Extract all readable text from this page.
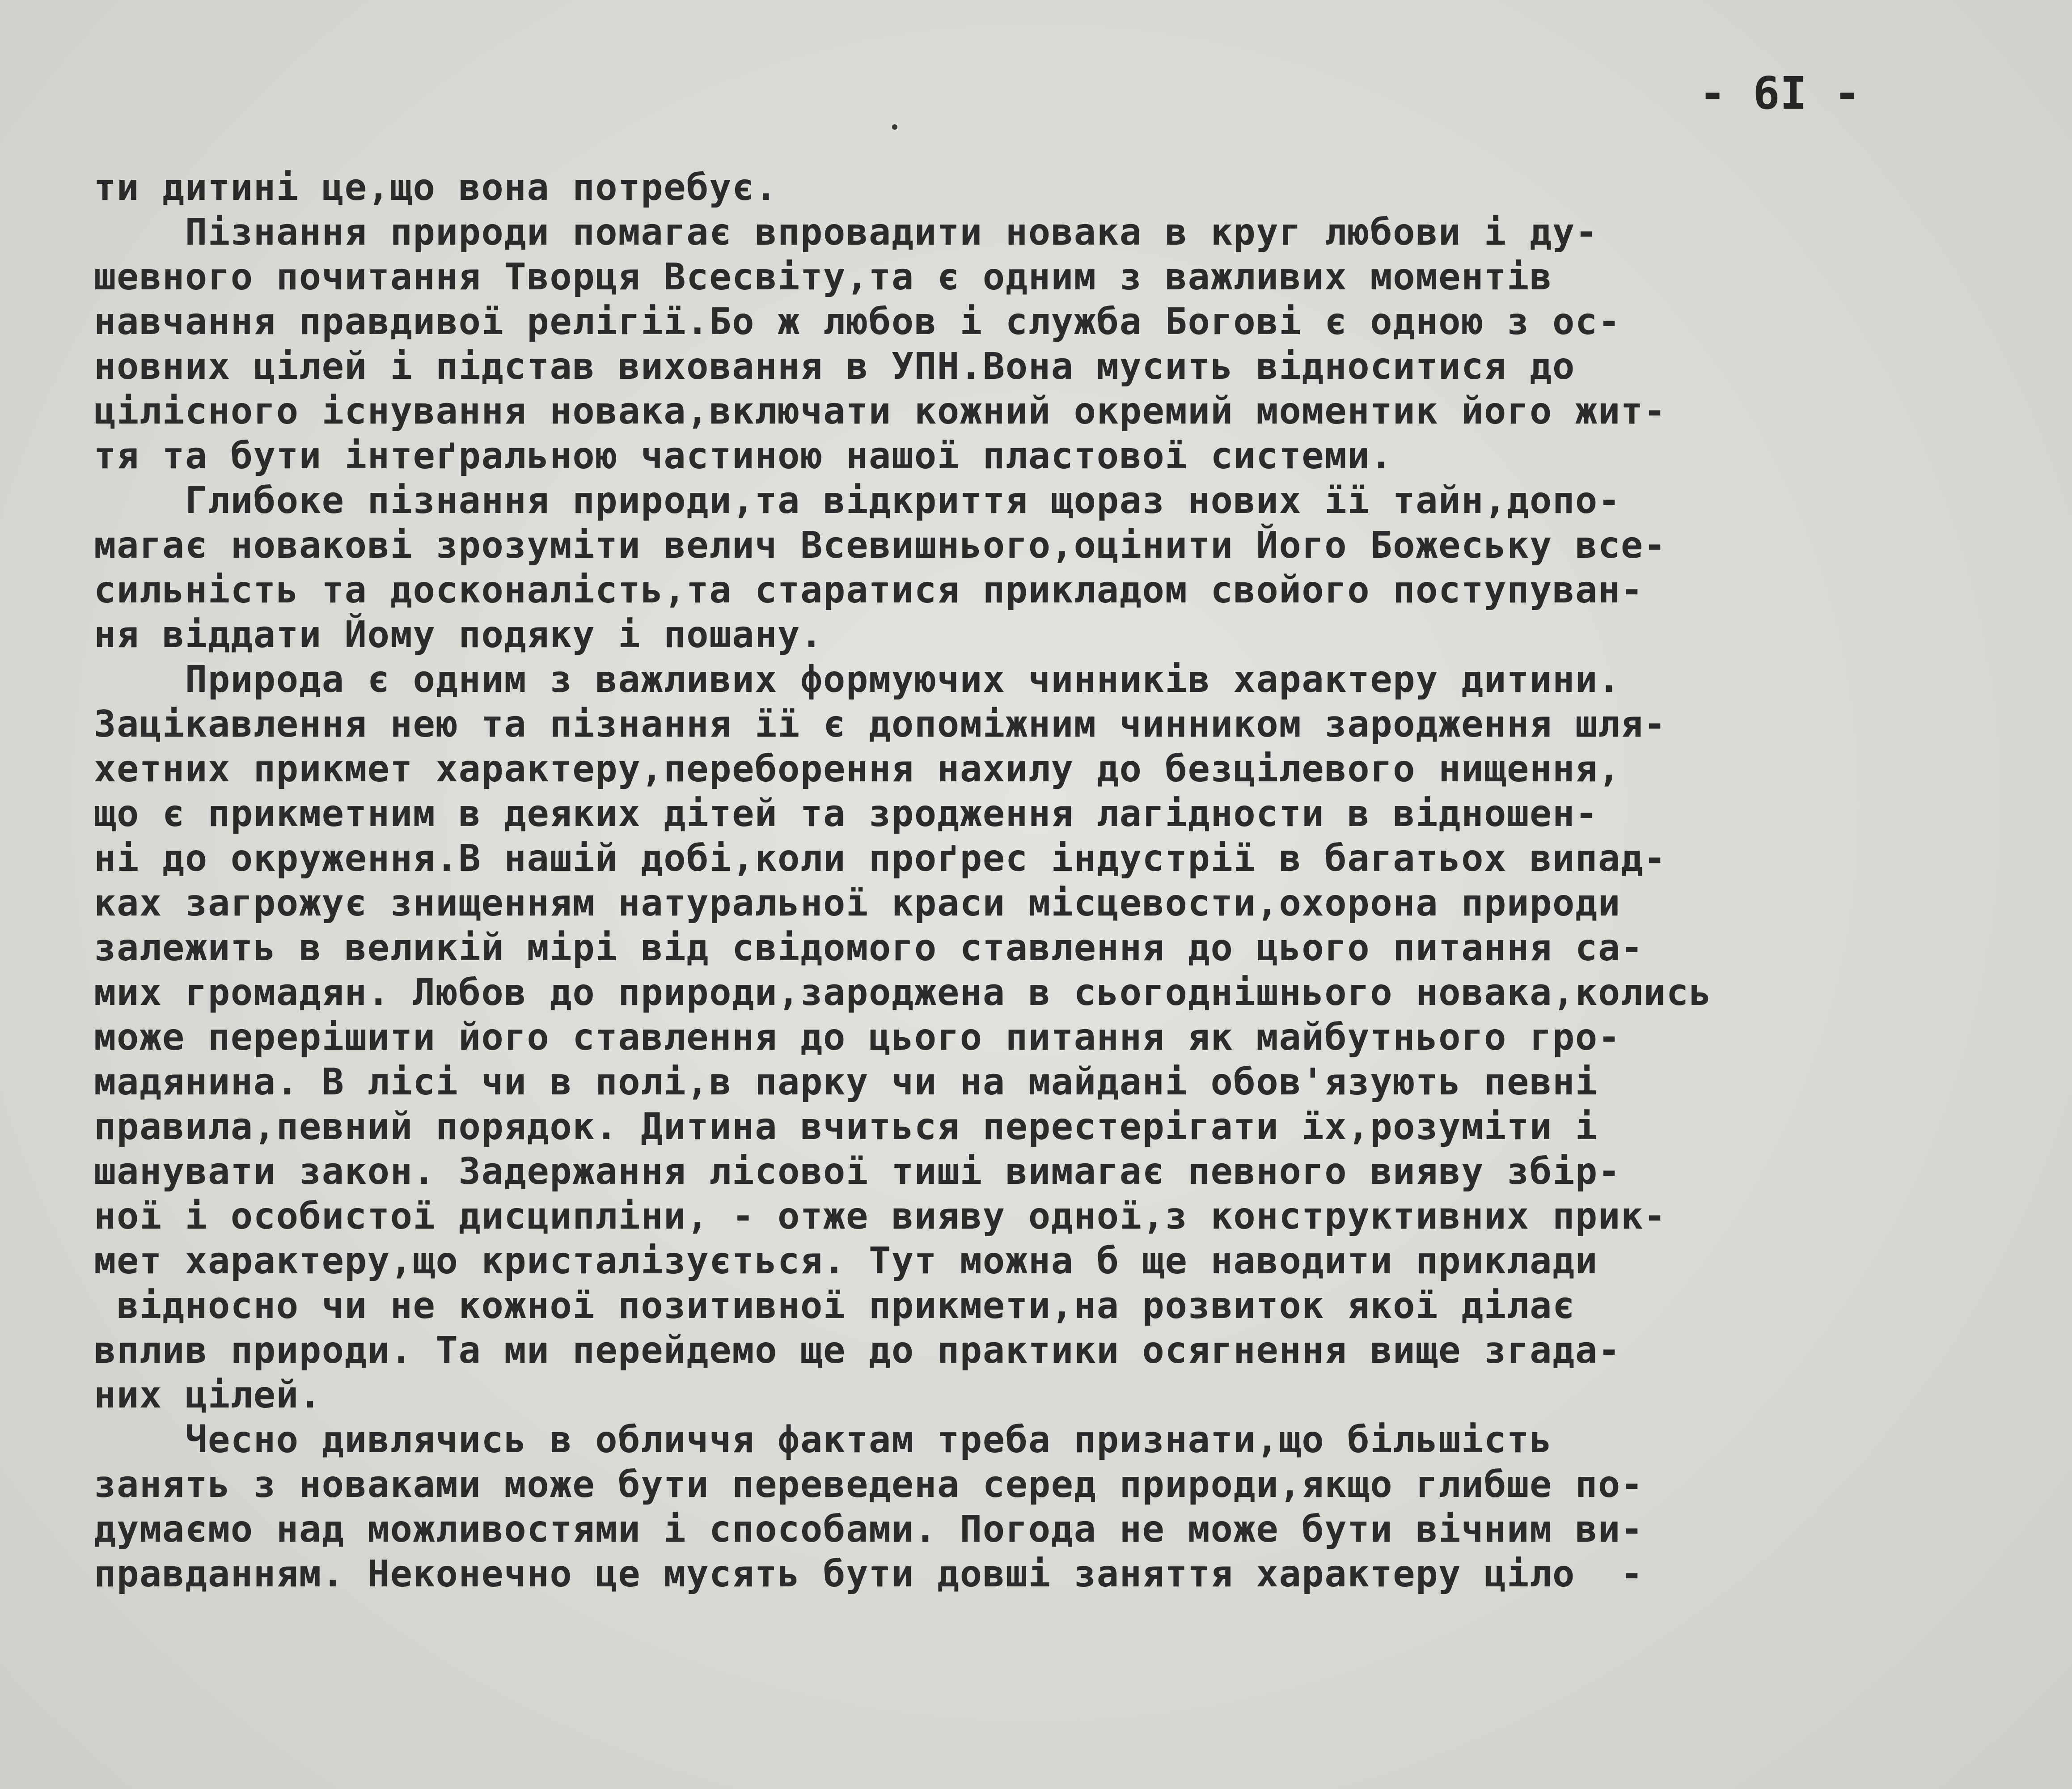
- 6I -
ти дитині це,що вона потребує.
Пізнання природи помагає впровадити новака в круг любови і ду-
шевного почитання Творця Всесвіту,та є одним з важливих моментів
навчання правдивої релігії.Бо ж любов і служба Богові є одною з ос-
новних цілей і підстав виховання в УПН.Вона мусить відноситися до
цілісного існування новака,включати кожний окремий моментик його жит-
тя та бути інтеґральною частиною нашої пластової системи.
Глибоке пізнання природи,та відкриття щораз нових її тайн,допо-
магає новакові зрозуміти велич Всевишнього,оцінити Його Божеську все-
сильність та досконалість,та старатися прикладом свойого поступуван-
ня віддати Йому подяку і пошану.
Природа є одним з важливих формуючих чинників характеру дитини.
Зацікавлення нею та пізнання її є допоміжним чинником зародження шля-
хетних прикмет характеру,переборення нахилу до безцілевого нищення,
що є прикметним в деяких дітей та зродження лагідности в відношен-
ні до окруження.В нашій добі,коли проґрес індустрії в багатьох випад-
ках загрожує знищенням натуральної краси місцевости,охорона природи
залежить в великій мірі від свідомого ставлення до цього питання са-
мих громадян. Любов до природи,зароджена в сьогоднішнього новака,колись
може перерішити його ставлення до цього питання як майбутнього гро-
мадянина. В лісі чи в полі,в парку чи на майдані обов'язують певні
правила,певний порядок. Дитина вчиться перестерігати їх,розуміти і
шанувати закон. Задержання лісової тиші вимагає певного вияву збір-
ної і особистої дисципліни, - отже вияву одної,з конструктивних прик-
мет характеру,що кристалізується. Тут можна б ще наводити приклади
відносно чи не кожної позитивної прикмети,на розвиток якої ділає
вплив природи. Та ми перейдемо ще до практики осягнення вище згада-
них цілей.
Чесно дивлячись в обличчя фактам треба признати,що більшість
занять з новаками може бути переведена серед природи,якщо глибше по-
думаємо над можливостями і способами. Погода не може бути вічним ви-
правданням. Неконечно це мусять бути довші заняття характеру цілo  -
